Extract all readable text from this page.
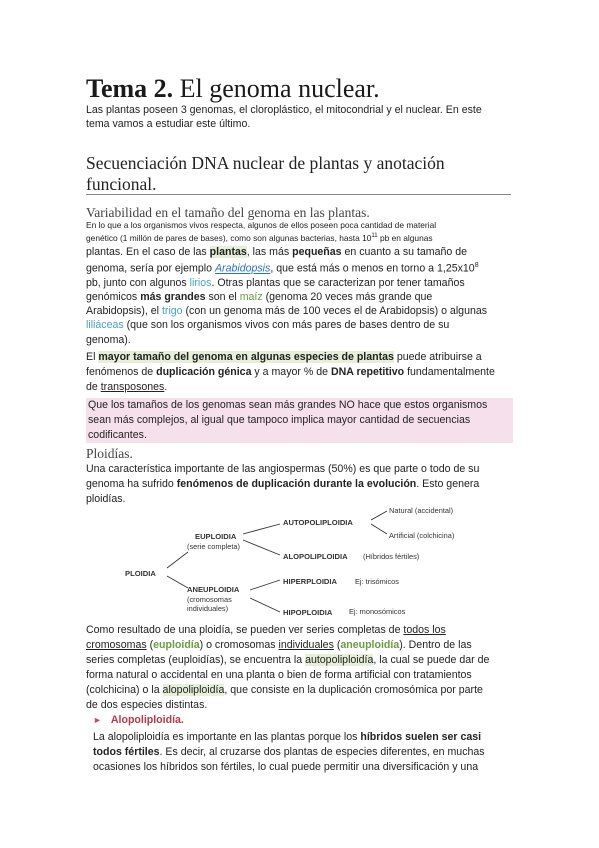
Tema 2. El genoma nuclear.
Las plantas poseen 3 genomas, el cloroplástico, el mitocondrial y el nuclear. En este
tema vamos a estudiar este último.
Secuenciación DNA nuclear de plantas y anotación
funcional.
Variabilidad en el tamaño del genoma en las plantas.
En lo que a los organismos vivos respecta, algunos de ellos poseen poca cantidad de material
genético (1 millón de pares de bases), como son algunas bacterias, hasta $10^{11}$ pb en algunas
plantas. En el caso de las plantas, las más pequeñas en cuanto a su tamaño de
genoma, sería por ejemplo Arabidopsis, que está más o menos en torno a $1,25x10^8$
pb, junto con algunos lirios. Otras plantas que se caracterizan por tener tamaños
genómicos más grandes son el maíz (genoma 20 veces más grande que
Arabidopsis), el trigo (con un genoma más de 100 veces el de Arabidopsis) o algunas
liliáceas (que son los organismos vivos con más pares de bases dentro de su
genoma).
El mayor tamaño del genoma en algunas especies de plantas puede atribuirse a
fenómenos de duplicación génica y a mayor % de DNA repetitivo fundamentalmente
de transposones.
Que los tamaños de los genomas sean más grandes NO hace que estos organismos
sean más complejos, al igual que tampoco implica mayor cantidad de secuencias
codificantes.
Ploidías.
Una característica importante de las angiospermas (50%) es que parte o todo de su
genoma ha sufrido fenómenos de duplicación durante la evolución. Esto genera
ploidías.
PLOIDIA
EUPLOIDIA
ANEUPLOIDIA
AUTOPOLIPLOIDIA
ALOPOLIPLOIDIA
HIPERPLOIDIA
HIPOPLOIDIA
(serie completa)
(cromosomas
individuales)
Natural (accidental)
Artificial (colchicina)
(Híbridos fértiles)
Ej: trisómicos
Ej: monosómicos
Como resultado de una ploidía, se pueden ver series completas de todos los
cromosomas (euploidía) o cromosomas individuales (aneuploidía). Dentro de las
series completas (euploidías), se encuentra la autopoliploidía, la cual se puede dar de
forma natural o accidental en una planta o bien de forma artificial con tratamientos
(colchicina) o la alopoliploidía, que consiste en la duplicación cromosómica por parte
de dos especies distintas.
► Alopoliploidía.
La alopoliploidía es importante en las plantas porque los híbridos suelen ser casi
todos fértiles. Es decir, al cruzarse dos plantas de especies diferentes, en muchas
ocasiones los híbridos son fértiles, lo cual puede permitir una diversificación y una
